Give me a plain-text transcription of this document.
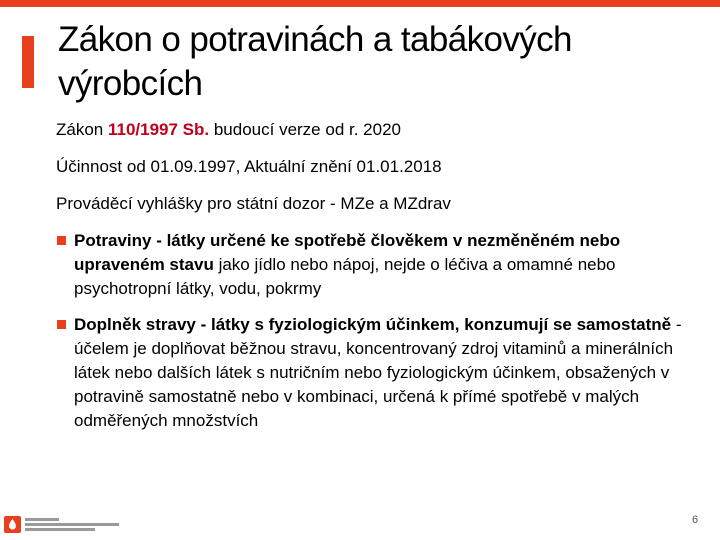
Zákon o potravinách a tabákových výrobcích

Zákon 110/1997 Sb. budoucí verze od r. 2020

Účinnost od 01.09.1997, Aktuální znění 01.01.2018

Prováděcí vyhlášky pro státní dozor - MZe a MZdrav

Potraviny - látky určené ke spotřebě člověkem v nezměněném nebo upraveném stavu jako jídlo nebo nápoj, nejde o léčiva a omamné nebo psychotropní látky, vodu, pokrmy
Doplněk stravy - látky s fyziologickým účinkem, konzumují se samostatně - účelem je doplňovat běžnou stravu, koncentrovaný zdroj vitaminů a minerálních látek nebo dalších látek s nutričním nebo fyziologickým účinkem, obsažených v potravině samostatně nebo v kombinaci, určená k přímé spotřebě v malých odměřených množstvích
6
